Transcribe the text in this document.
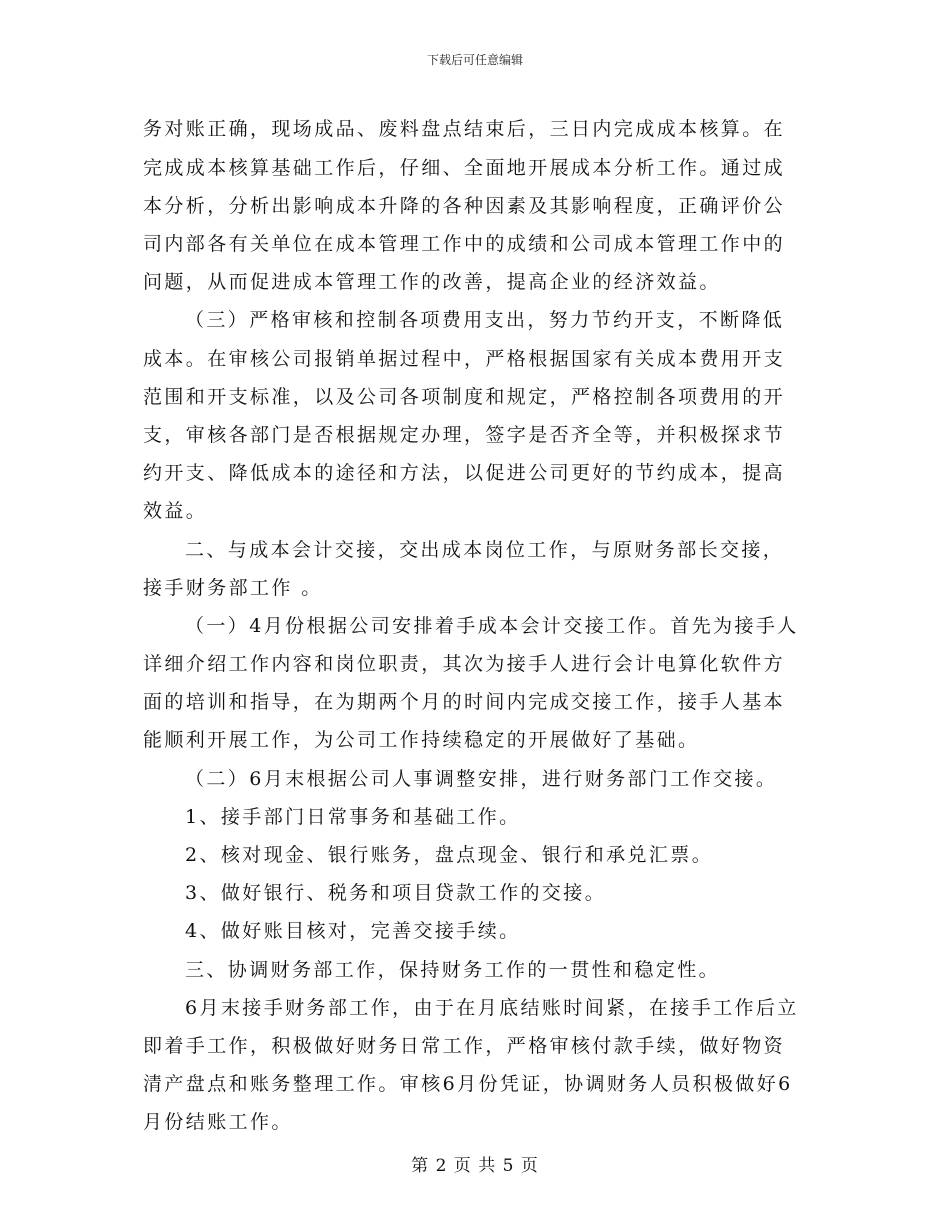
下载后可任意编辑
务对账正确，现场成品、废料盘点结束后，三日内完成成本核算。在
完成成本核算基础工作后，仔细、全面地开展成本分析工作。通过成
本分析，分析出影响成本升降的各种因素及其影响程度，正确评价公
司内部各有关单位在成本管理工作中的成绩和公司成本管理工作中的
问题，从而促进成本管理工作的改善，提高企业的经济效益。
（三）严格审核和控制各项费用支出，努力节约开支，不断降低
成本。在审核公司报销单据过程中，严格根据国家有关成本费用开支
范围和开支标准，以及公司各项制度和规定，严格控制各项费用的开
支，审核各部门是否根据规定办理，签字是否齐全等，并积极探求节
约开支、降低成本的途径和方法，以促进公司更好的节约成本，提高
效益。
二、与成本会计交接，交出成本岗位工作，与原财务部长交接，
接手财务部工作 。
（一）4月份根据公司安排着手成本会计交接工作。首先为接手人
详细介绍工作内容和岗位职责，其次为接手人进行会计电算化软件方
面的培训和指导，在为期两个月的时间内完成交接工作，接手人基本
能顺利开展工作，为公司工作持续稳定的开展做好了基础。
（二）6月末根据公司人事调整安排，进行财务部门工作交接。
1、接手部门日常事务和基础工作。
2、核对现金、银行账务，盘点现金、银行和承兑汇票。
3、做好银行、税务和项目贷款工作的交接。
4、做好账目核对，完善交接手续。
三、协调财务部工作，保持财务工作的一贯性和稳定性。
6月末接手财务部工作，由于在月底结账时间紧，在接手工作后立
即着手工作，积极做好财务日常工作，严格审核付款手续，做好物资
清产盘点和账务整理工作。审核6月份凭证，协调财务人员积极做好6
月份结账工作。
第 2 页 共 5 页
